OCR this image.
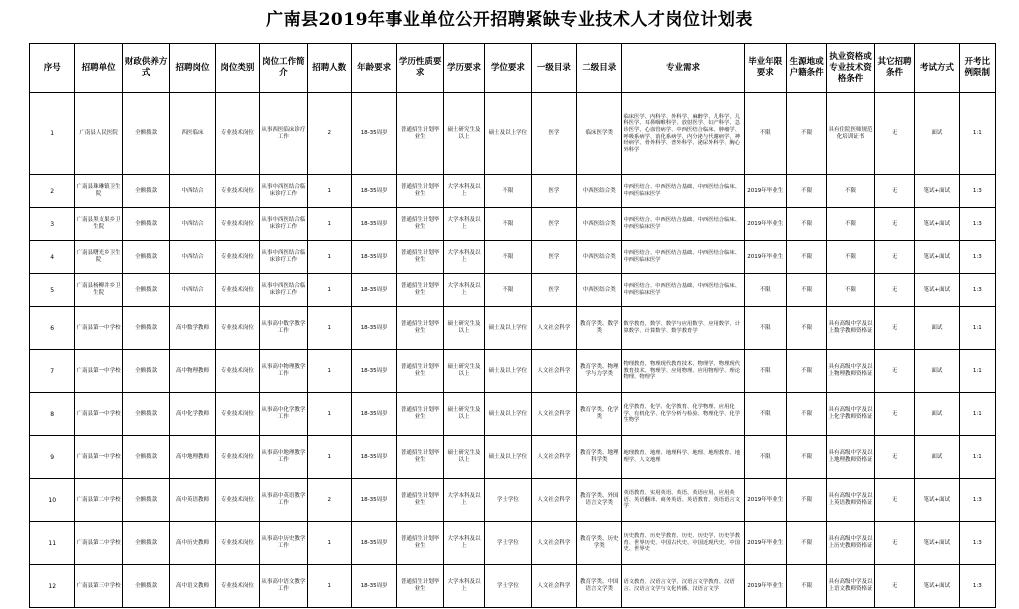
广南县2019年事业单位公开招聘紧缺专业技术人才岗位计划表
序号	招聘单位	财政供养方式	招聘岗位	岗位类别	岗位工作简介	招聘人数	年龄要求	学历性质要求	学历要求	学位要求	一级目录	二级目录	专业需求	毕业年限要求	生源地或户籍条件	执业资格或专业技术资格条件	其它招聘条件	考试方式	开考比例限制
1	广南县人民医院	全额拨款	西医临床	专业技术岗位	从事西医临床诊疗工作	2	18-35周岁	普通招生计划毕业生	硕士研究生及以上	硕士及以上学位	医学	临床医学类	临床医学、内科学、外科学、麻醉学、儿科学、儿科医学、耳鼻咽喉科学、放射医学、妇产科学、急诊医学、心血管病学、中西医结合临床、肿瘤学、呼吸系病学、消化系病学、内分泌与代谢病学、神经病学、骨外科学、普外科学、泌尿外科学、胸心外科学	不限	不限	具有住院医师规范化培训证书	无	面试	1:1
2	广南县珠琳镇卫生院	全额拨款	中西结合	专业技术岗位	从事中西医结合临床诊疗工作	1	18-35周岁	普通招生计划毕业生	大学本科及以上	不限	医学	中西医结合类	中西医结合、中西医结合基础、中西医结合临床、中西医临床医学	2019年毕业生	不限	不限	无	笔试+面试	1:3
3	广南县黑支果乡卫生院	全额拨款	中西结合	专业技术岗位	从事中西医结合临床诊疗工作	1	18-35周岁	普通招生计划毕业生	大学本科及以上	不限	医学	中西医结合类	中西医结合、中西医结合基础、中西医结合临床、中西医临床医学	2019年毕业生	不限	不限	无	笔试+面试	1:3
4	广南县曙光乡卫生院	全额拨款	中西结合	专业技术岗位	从事中西医结合临床诊疗工作	1	18-35周岁	普通招生计划毕业生	大学本科及以上	不限	医学	中西医结合类	中西医结合、中西医结合基础、中西医结合临床、中西医临床医学	2019年毕业生	不限	不限	无	笔试+面试	1:3
5	广南县杨柳井乡卫生院	全额拨款	中西结合	专业技术岗位	从事中西医结合临床诊疗工作	1	18-35周岁	普通招生计划毕业生	大学本科及以上	不限	医学	中西医结合类	中西医结合、中西医结合基础、中西医结合临床、中西医临床医学	不限	不限	不限	无	笔试+面试	1:3
6	广南县第一中学校	全额拨款	高中数学教师	专业技术岗位	从事高中数学教学工作	1	18-35周岁	普通招生计划毕业生	硕士研究生及以上	硕士及以上学位	人文社会科学	教育学类、数学类	数学教育、数学、数学与应用数学、应用数学、计算数学、计算数学、数学教育学	不限	不限	具有高级中学及以上数学教师资格证	无	面试	1:1
7	广南县第一中学校	全额拨款	高中物理教师	专业技术岗位	从事高中物理教学工作	1	18-35周岁	普通招生计划毕业生	硕士研究生及以上	硕士及以上学位	人文社会科学	教育学类、物理学与力学类	物理教育、物理现代教育技术、物理学、物理现代教育技术、物理学、应用物理、应用物理学、理论物理、物理学	不限	不限	具有高级中学及以上物理教师资格证	无	面试	1:1
8	广南县第一中学校	全额拨款	高中化学教师	专业技术岗位	从事高中化学教学工作	1	18-35周岁	普通招生计划毕业生	硕士研究生及以上	硕士及以上学位	人文社会科学	教育学类、化学类	化学教育、化学、化学教育、化学物理、应用化学、有机化学、化学分析与检验、物理化学、化学生物学	不限	不限	具有高级中学及以上化学教师资格证	无	面试	1:1
9	广南县第一中学校	全额拨款	高中地理教师	专业技术岗位	从事高中地理教学工作	1	18-35周岁	普通招生计划毕业生	硕士研究生及以上	硕士及以上学位	人文社会科学	教育学类、地理科学类	地理教育、地理、地理科学、地理、地理教育、地理学、人文地理	不限	不限	具有高级中学及以上地理教师资格证	无	面试	1:1
10	广南县第二中学校	全额拨款	高中英语教师	专业技术岗位	从事高中英语教学工作	2	18-35周岁	普通招生计划毕业生	大学本科及以上	学士学位	人文社会科学	教育学类、外国语言文学类	英语教育、实用英语、英语、英语应用、应用英语、英语翻译、商务英语、英语教育、英语语言文学	2019年毕业生	不限	具有高级中学及以上英语教师资格证	无	笔试+面试	1:3
11	广南县第二中学校	全额拨款	高中历史教师	专业技术岗位	从事高中历史教学工作	1	18-35周岁	普通招生计划毕业生	大学本科及以上	学士学位	人文社会科学	教育学类、历史学类	历史教育、历史学教育、历史、历史学、历史学教育、世界历史、中国古代史、中国近现代史、中国史、世界史	2019年毕业生	不限	具有高级中学及以上历史教师资格证	无	笔试+面试	1:3
12	广南县第三中学校	全额拨款	高中语文教师	专业技术岗位	从事高中语文教学工作	1	18-35周岁	普通招生计划毕业生	大学本科及以上	学士学位	人文社会科学	教育学类、中国语言文学类	语文教育、汉语言文学、汉语言文学教育、汉语言、汉语言文学与文化传播、汉语言文学	2019年毕业生	不限	具有高级中学及以上语文教师资格证	无	笔试+面试	1:3
